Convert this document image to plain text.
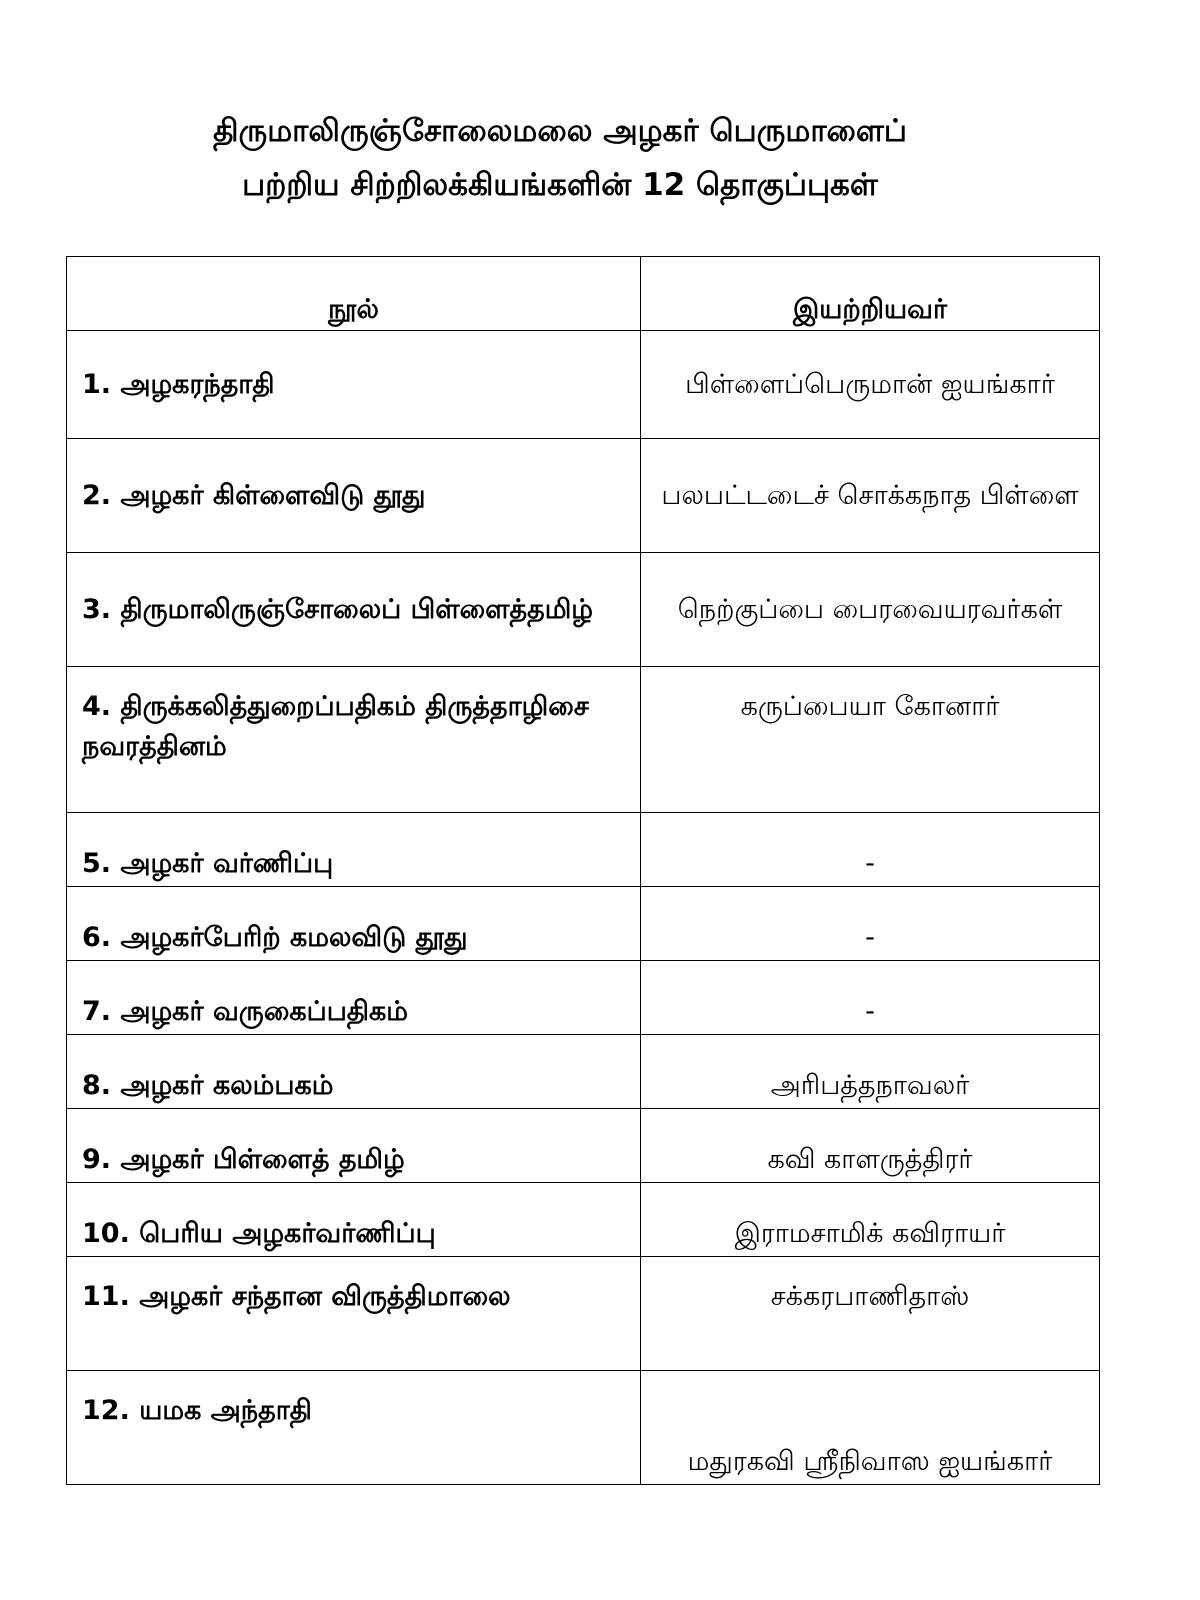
திருமாலிருஞ்சோலைமலை அழகர் பெருமாளைப்
பற்றிய சிற்றிலக்கியங்களின் 12 தொகுப்புகள்
நூல்	இயற்றியவர்
1. அழகரந்தாதி	பிள்ளைப்பெருமான் ஐயங்கார்
2. அழகர் கிள்ளைவிடு தூது	பலபட்டடைச் சொக்கநாத பிள்ளை
3. திருமாலிருஞ்சோலைப் பிள்ளைத்தமிழ்	நெற்குப்பை பைரவையரவர்கள்
4. திருக்கலித்துறைப்பதிகம் திருத்தாழிசை நவரத்தினம்	கருப்பையா கோனார்
5. அழகர் வர்ணிப்பு	-
6. அழகர்பேரிற் கமலவிடு தூது	-
7. அழகர் வருகைப்பதிகம்	-
8. அழகர் கலம்பகம்	அரிபத்தநாவலர்
9. அழகர் பிள்ளைத் தமிழ்	கவி காளருத்திரர்
10. பெரிய அழகர்வர்ணிப்பு	இராமசாமிக் கவிராயர்
11. அழகர் சந்தான விருத்திமாலை	சக்கரபாணிதாஸ்
12. யமக அந்தாதி	மதுரகவி ஸ்ரீநிவாஸ ஐயங்கார்
